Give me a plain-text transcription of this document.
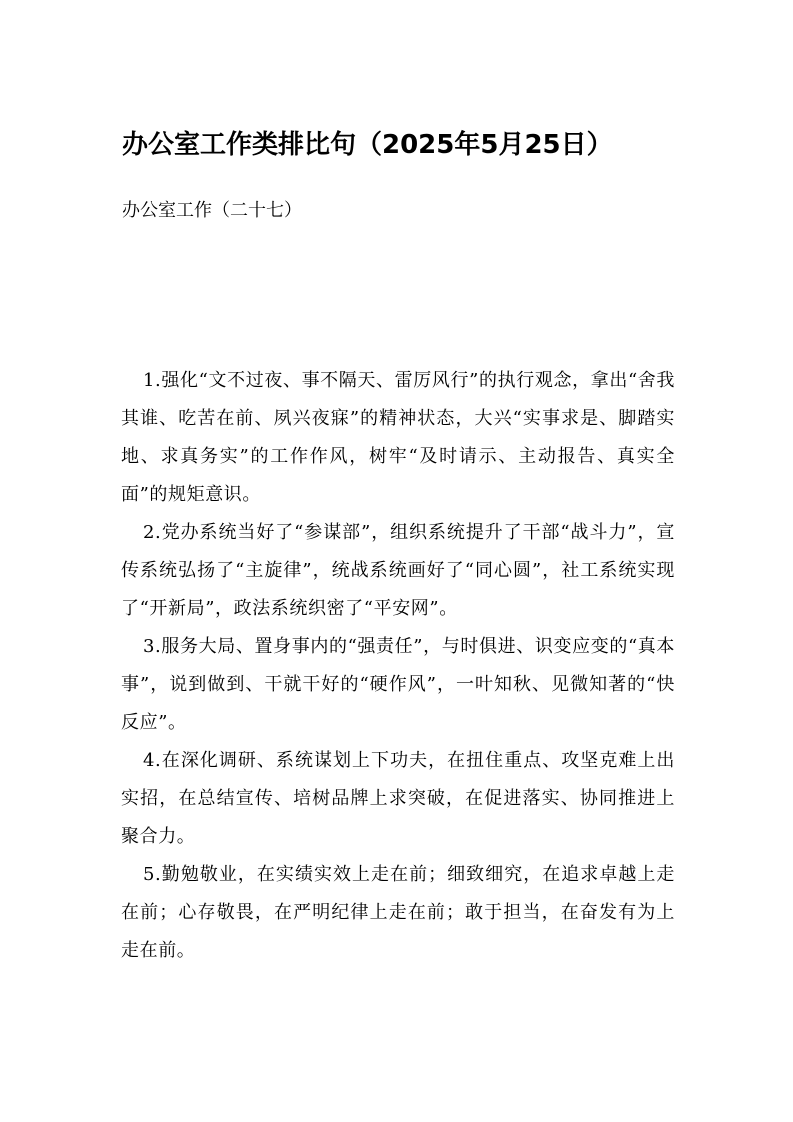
办公室工作类排比句（2025年5月25日）
办公室工作（二十七）

1.强化“文不过夜、事不隔天、雷厉风行”的执行观念，拿出“舍我其谁、吃苦在前、夙兴夜寐”的精神状态，大兴“实事求是、脚踏实地、求真务实”的工作作风，树牢“及时请示、主动报告、真实全面”的规矩意识。

2.党办系统当好了“参谋部”，组织系统提升了干部“战斗力”，宣传系统弘扬了“主旋律”，统战系统画好了“同心圆”，社工系统实现了“开新局”，政法系统织密了“平安网”。

3.服务大局、置身事内的“强责任”，与时俱进、识变应变的“真本事”，说到做到、干就干好的“硬作风”，一叶知秋、见微知著的“快反应”。

4.在深化调研、系统谋划上下功夫，在扭住重点、攻坚克难上出实招，在总结宣传、培树品牌上求突破，在促进落实、协同推进上聚合力。

5.勤勉敬业，在实绩实效上走在前；细致细究，在追求卓越上走在前；心存敬畏，在严明纪律上走在前；敢于担当，在奋发有为上走在前。
